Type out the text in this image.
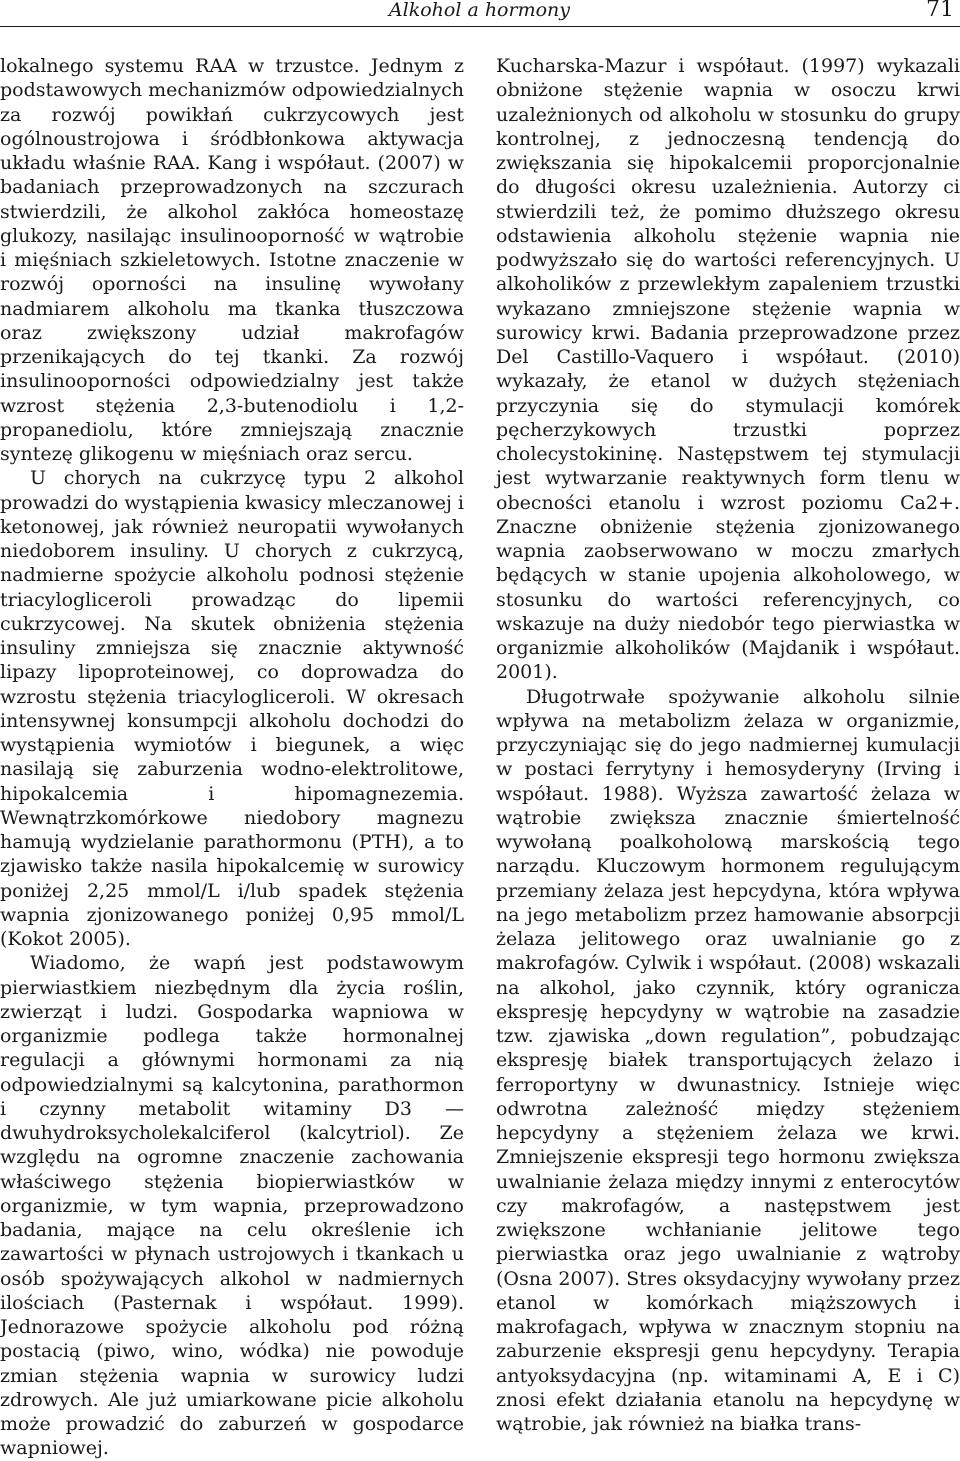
Alkohol a hormony	71

lokalnego systemu RAA w trzustce. Jednym z podstawowych mechanizmów odpowiedzialnych za rozwój powikłań cukrzycowych jest ogólnoustrojowa i śródbłonkowa aktywacja układu właśnie RAA. Kang i współaut. (2007) w badaniach przeprowadzonych na szczurach stwierdzili, że alkohol zakłóca homeostazę glukozy, nasilając insulinooporność w wątrobie i mięśniach szkieletowych. Istotne znaczenie w rozwój oporności na insulinę wywołany nadmiarem alkoholu ma tkanka tłuszczowa oraz zwiększony udział makrofagów przenikających do tej tkanki. Za rozwój insulinooporności odpowiedzialny jest także wzrost stężenia 2,3-butenodiolu i 1,2-propanediolu, które zmniejszają znacznie syntezę glikogenu w mięśniach oraz sercu.

U chorych na cukrzycę typu 2 alkohol prowadzi do wystąpienia kwasicy mleczanowej i ketonowej, jak również neuropatii wywołanych niedoborem insuliny. U chorych z cukrzycą, nadmierne spożycie alkoholu podnosi stężenie triacylogliceroli prowadząc do lipemii cukrzycowej. Na skutek obniżenia stężenia insuliny zmniejsza się znacznie aktywność lipazy lipoproteinowej, co doprowadza do wzrostu stężenia triacylogliceroli. W okresach intensywnej konsumpcji alkoholu dochodzi do wystąpienia wymiotów i biegunek, a więc nasilają się zaburzenia wodno-elektrolitowe, hipokalcemia i hipomagnezemia. Wewnątrzkomórkowe niedobory magnezu hamują wydzielanie parathormonu (PTH), a to zjawisko także nasila hipokalcemię w surowicy poniżej 2,25 mmol/L i/lub spadek stężenia wapnia zjonizowanego poniżej 0,95 mmol/L (Kokot 2005).

Wiadomo, że wapń jest podstawowym pierwiastkiem niezbędnym dla życia roślin, zwierząt i ludzi. Gospodarka wapniowa w organizmie podlega także hormonalnej regulacji a głównymi hormonami za nią odpowiedzialnymi są kalcytonina, parathormon i czynny metabolit witaminy D3 — dwuhydroksycholekalciferol (kalcytriol). Ze względu na ogromne znaczenie zachowania właściwego stężenia biopierwiastków w organizmie, w tym wapnia, przeprowadzono badania, mające na celu określenie ich zawartości w płynach ustrojowych i tkankach u osób spożywających alkohol w nadmiernych ilościach (Pasternak i współaut. 1999). Jednorazowe spożycie alkoholu pod różną postacią (piwo, wino, wódka) nie powoduje zmian stężenia wapnia w surowicy ludzi zdrowych. Ale już umiarkowane picie alkoholu może prowadzić do zaburzeń w gospodarce wapniowej.

Kucharska-Mazur i współaut. (1997) wykazali obniżone stężenie wapnia w osoczu krwi uzależnionych od alkoholu w stosunku do grupy kontrolnej, z jednoczesną tendencją do zwiększania się hipokalcemii proporcjonalnie do długości okresu uzależnienia. Autorzy ci stwierdzili też, że pomimo dłuższego okresu odstawienia alkoholu stężenie wapnia nie podwyższało się do wartości referencyjnych. U alkoholików z przewlekłym zapaleniem trzustki wykazano zmniejszone stężenie wapnia w surowicy krwi. Badania przeprowadzone przez Del Castillo-Vaquero i współaut. (2010) wykazały, że etanol w dużych stężeniach przyczynia się do stymulacji komórek pęcherzykowych trzustki poprzez cholecystokininę. Następstwem tej stymulacji jest wytwarzanie reaktywnych form tlenu w obecności etanolu i wzrost poziomu Ca2+. Znaczne obniżenie stężenia zjonizowanego wapnia zaobserwowano w moczu zmarłych będących w stanie upojenia alkoholowego, w stosunku do wartości referencyjnych, co wskazuje na duży niedobór tego pierwiastka w organizmie alkoholików (Majdanik i współaut. 2001).

Długotrwałe spożywanie alkoholu silnie wpływa na metabolizm żelaza w organizmie, przyczyniając się do jego nadmiernej kumulacji w postaci ferrytyny i hemosyderyny (Irving i współaut. 1988). Wyższa zawartość żelaza w wątrobie zwiększa znacznie śmiertelność wywołaną poalkoholową marskością tego narządu. Kluczowym hormonem regulującym przemiany żelaza jest hepcydyna, która wpływa na jego metabolizm przez hamowanie absorpcji żelaza jelitowego oraz uwalnianie go z makrofagów. Cylwik i współaut. (2008) wskazali na alkohol, jako czynnik, który ogranicza ekspresję hepcydyny w wątrobie na zasadzie tzw. zjawiska „down regulation”, pobudzając ekspresję białek transportujących żelazo i ferroportyny w dwunastnicy. Istnieje więc odwrotna zależność między stężeniem hepcydyny a stężeniem żelaza we krwi. Zmniejszenie ekspresji tego hormonu zwiększa uwalnianie żelaza między innymi z enterocytów czy makrofagów, a następstwem jest zwiększone wchłanianie jelitowe tego pierwiastka oraz jego uwalnianie z wątroby (Osna 2007). Stres oksydacyjny wywołany przez etanol w komórkach miąższowych i makrofagach, wpływa w znacznym stopniu na zaburzenie ekspresji genu hepcydyny. Terapia antyoksydacyjna (np. witaminami A, E i C) znosi efekt działania etanolu na hepcydynę w wątrobie, jak również na białka trans-
